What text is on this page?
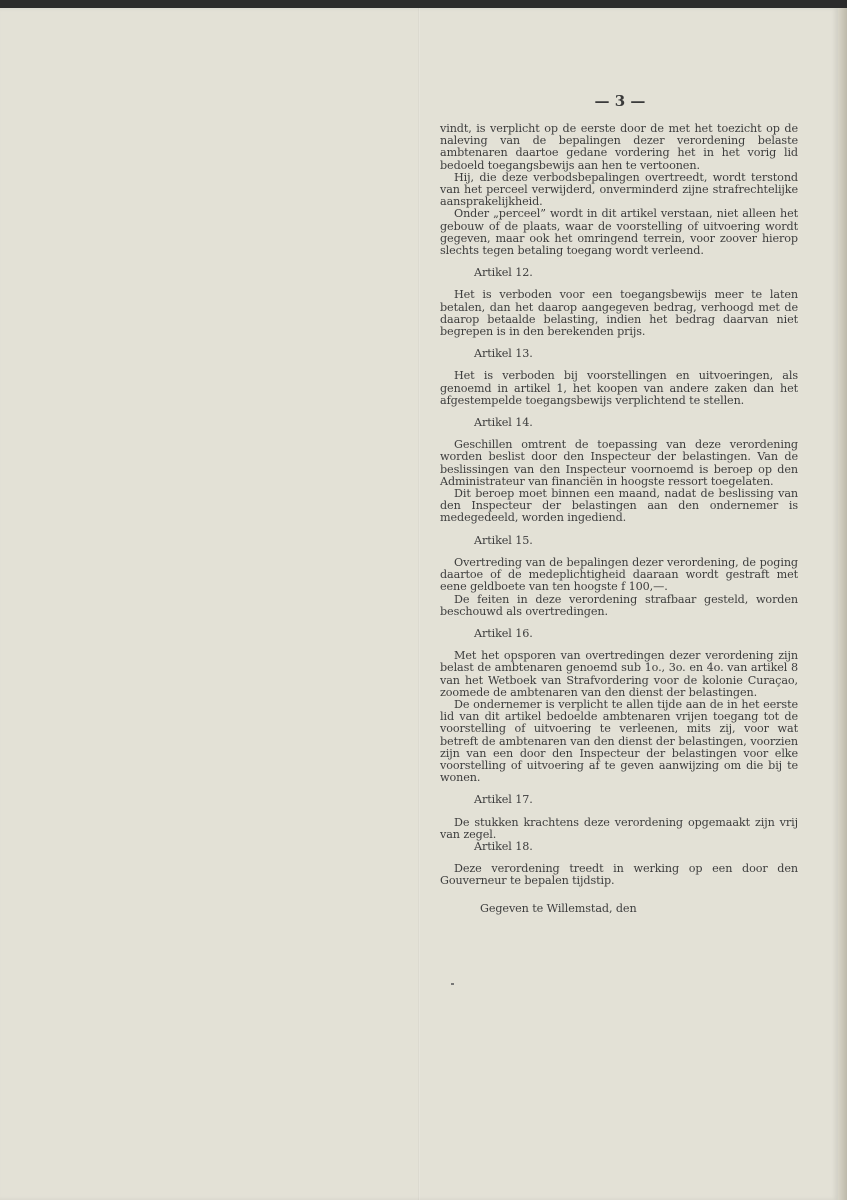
— 3 —

vindt, is verplicht op de eerste door de met het toezicht op de naleving van de bepalingen dezer verordening belaste ambtenaren daartoe gedane vordering het in het vorig lid bedoeld toegangsbewijs aan hen te vertoonen.

Hij, die deze verbodsbepalingen overtreedt, wordt terstond van het perceel verwijderd, onverminderd zijne strafrechtelijke aansprakelijkheid.

Onder „perceel” wordt in dit artikel verstaan, niet alleen het gebouw of de plaats, waar de voorstelling of uitvoering wordt gegeven, maar ook het omringend terrein, voor zoover hierop slechts tegen betaling toegang wordt verleend.

Artikel 12.

Het is verboden voor een toegangsbewijs meer te laten betalen, dan het daarop aangegeven bedrag, verhoogd met de daarop betaalde belasting, indien het bedrag daarvan niet begrepen is in den berekenden prijs.

Artikel 13.

Het is verboden bij voorstellingen en uitvoeringen, als genoemd in artikel 1, het koopen van andere zaken dan het afgestempelde toegangsbewijs verplichtend te stellen.

Artikel 14.

Geschillen omtrent de toepassing van deze verordening worden beslist door den Inspecteur der belastingen. Van de beslissingen van den Inspecteur voornoemd is beroep op den Administrateur van financiën in hoogste ressort toegelaten.

Dit beroep moet binnen een maand, nadat de beslissing van den Inspecteur der belastingen aan den ondernemer is medegedeeld, worden ingediend.

Artikel 15.

Overtreding van de bepalingen dezer verordening, de poging daartoe of de medeplichtigheid daaraan wordt gestraft met eene geldboete van ten hoogste f 100,—.

De feiten in deze verordening strafbaar gesteld, worden beschouwd als overtredingen.

Artikel 16.

Met het opsporen van overtredingen dezer verordening zijn belast de ambtenaren genoemd sub 1o., 3o. en 4o. van artikel 8 van het Wetboek van Strafvordering voor de kolonie Curaçao, zoomede de ambtenaren van den dienst der belastingen.

De ondernemer is verplicht te allen tijde aan de in het eerste lid van dit artikel bedoelde ambtenaren vrijen toegang tot de voorstelling of uitvoering te verleenen, mits zij, voor wat betreft de ambtenaren van den dienst der belastingen, voorzien zijn van een door den Inspecteur der belastingen voor elke voorstelling of uitvoering af te geven aanwijzing om die bij te wonen.

Artikel 17.

De stukken krachtens deze verordening opgemaakt zijn vrij van zegel.

Artikel 18.

Deze verordening treedt in werking op een door den Gouverneur te bepalen tijdstip.

Gegeven te Willemstad, den
